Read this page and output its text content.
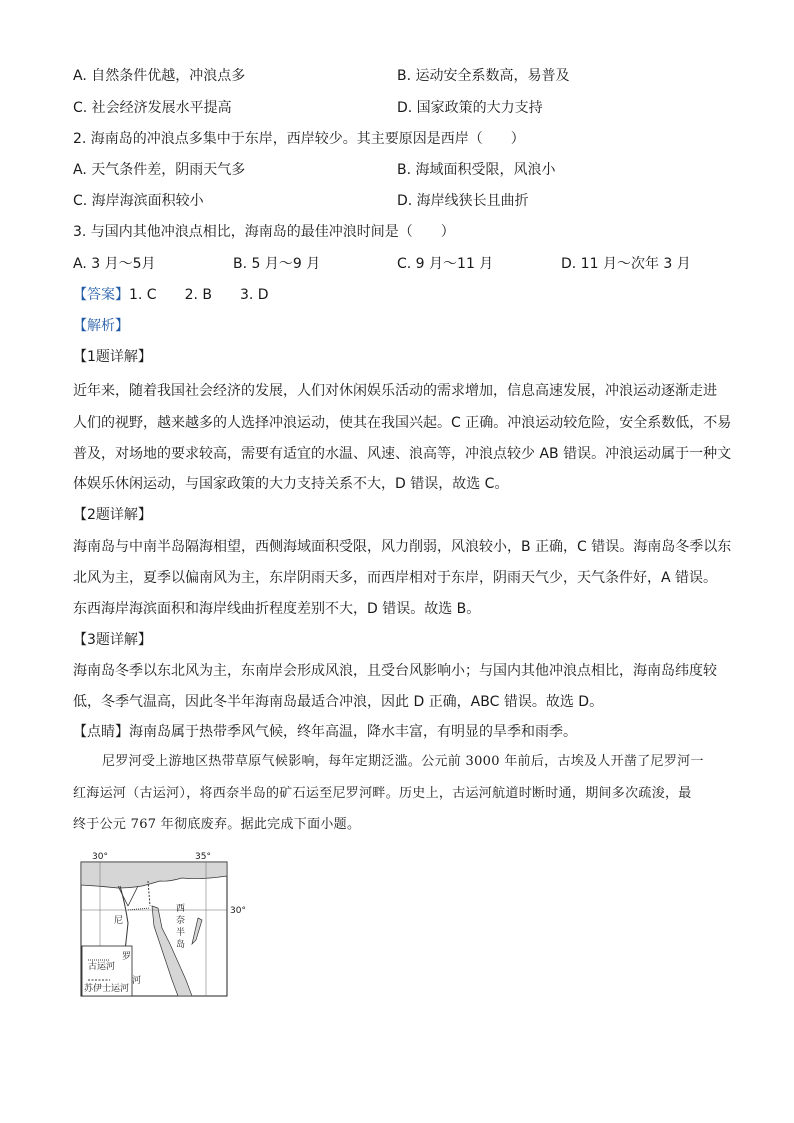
A. 自然条件优越，冲浪点多	B. 运动安全系数高，易普及
C. 社会经济发展水平提高	D. 国家政策的大力支持
2. 海南岛的冲浪点多集中于东岸，西岸较少。其主要原因是西岸（　　）
A. 天气条件差，阴雨天气多	B. 海域面积受限，风浪小
C. 海岸海滨面积较小	D. 海岸线狭长且曲折
3. 与国内其他冲浪点相比，海南岛的最佳冲浪时间是（　　）
A. 3 月～5月	B. 5 月～9 月	C. 9 月～11 月	D. 11 月～次年 3 月
【答案】1. C　　2. B　　3. D
【解析】
【1题详解】
近年来，随着我国社会经济的发展，人们对休闲娱乐活动的需求增加，信息高速发展，冲浪运动逐渐走进
人们的视野，越来越多的人选择冲浪运动，使其在我国兴起。C 正确。冲浪运动较危险，安全系数低，不易
普及，对场地的要求较高，需要有适宜的水温、风速、浪高等，冲浪点较少 AB 错误。冲浪运动属于一种文
体娱乐休闲运动，与国家政策的大力支持关系不大，D 错误，故选 C。
【2题详解】
海南岛与中南半岛隔海相望，西侧海域面积受限，风力削弱，风浪较小，B 正确，C 错误。海南岛冬季以东
北风为主，夏季以偏南风为主，东岸阴雨天多，而西岸相对于东岸，阴雨天气少，天气条件好，A 错误。
东西海岸海滨面积和海岸线曲折程度差别不大，D 错误。故选 B。
【3题详解】
海南岛冬季以东北风为主，东南岸会形成风浪，且受台风影响小；与国内其他冲浪点相比，海南岛纬度较
低，冬季气温高，因此冬半年海南岛最适合冲浪，因此 D 正确，ABC 错误。故选 D。
【点睛】海南岛属于热带季风气候，终年高温，降水丰富，有明显的旱季和雨季。
尼罗河受上游地区热带草原气候影响，每年定期泛滥。公元前 3000 年前后，古埃及人开凿了尼罗河一
红海运河（古运河），将西奈半岛的矿石运至尼罗河畔。历史上，古运河航道时断时通，期间多次疏浚，最
终于公元 767 年彻底废弃。据此完成下面小题。
30°	35°
30°
西
奈
半
岛
尼
罗
河
古运河
苏伊士运河
